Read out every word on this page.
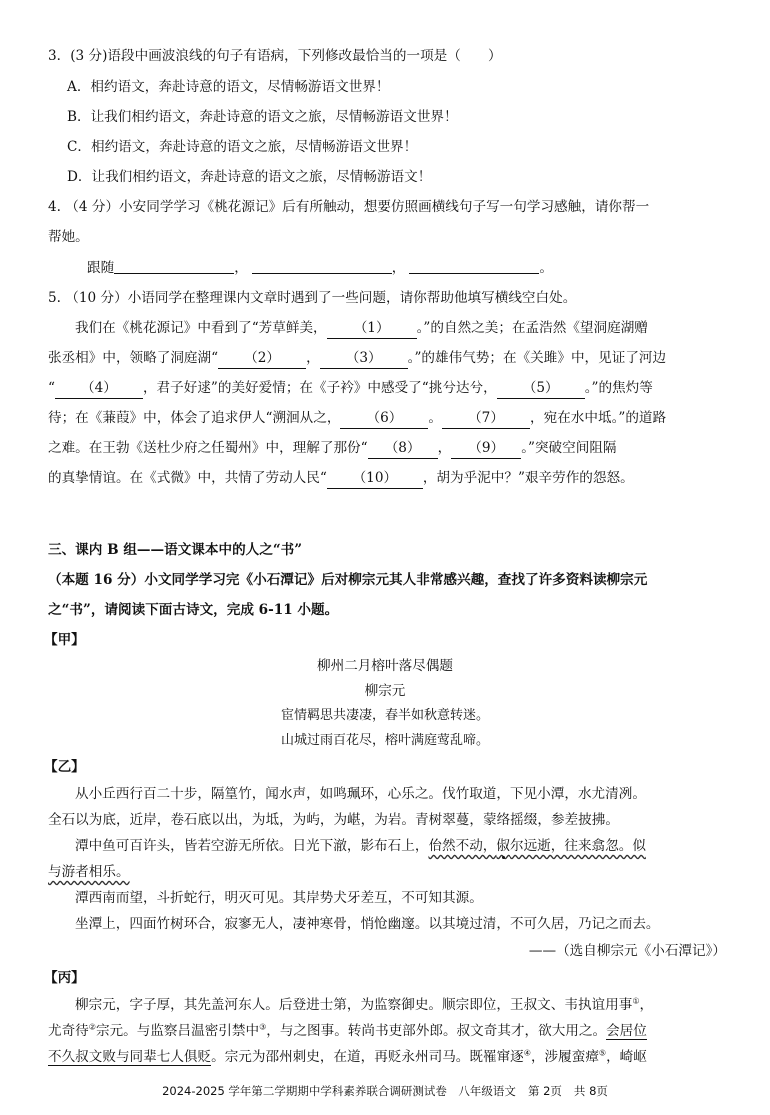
3．(3 分)语段中画波浪线的句子有语病，下列修改最恰当的一项是（　　）
A．相约语文，奔赴诗意的语文，尽情畅游语文世界！
B．让我们相约语文，奔赴诗意的语文之旅，尽情畅游语文世界！
C．相约语文，奔赴诗意的语文之旅，尽情畅游语文世界！
D．让我们相约语文，奔赴诗意的语文之旅，尽情畅游语文！
4. （4 分）小安同学学习《桃花源记》后有所触动，想要仿照画横线句子写一句学习感触，请你帮一
帮她。
跟随	，	，	。
5. （10 分）小语同学在整理课内文章时遇到了一些问题，请你帮助他填写横线空白处。
我们在《桃花源记》中看到了“芳草鲜美， （1） 。”的自然之美；在孟浩然《望洞庭湖赠
张丞相》中，领略了洞庭湖“ （2） ， （3） 。”的雄伟气势；在《关雎》中，见证了河边
“ （4） ，君子好逑”的美好爱情；在《子衿》中感受了“挑兮达兮， （5） 。”的焦灼等
待；在《蒹葭》中，体会了追求伊人“溯洄从之， （6） 。 （7） ，宛在水中坻。”的道路
之难。在王勃《送杜少府之任蜀州》中，理解了那份“ （8） ， （9） 。”突破空间阻隔
的真挚情谊。在《式微》中，共情了劳动人民“ （10） ，胡为乎泥中？”艰辛劳作的怨怒。
三、课内 B 组——语文课本中的人之“书”
（本题 16 分）小文同学学习完《小石潭记》后对柳宗元其人非常感兴趣，查找了许多资料读柳宗元
之“书”，请阅读下面古诗文，完成 6-11 小题。
【甲】
柳州二月榕叶落尽偶题
柳宗元
宦情羁思共凄凄，春半如秋意转迷。
山城过雨百花尽，榕叶满庭莺乱啼。
【乙】
从小丘西行百二十步，隔篁竹，闻水声，如鸣珮环，心乐之。伐竹取道，下见小潭，水尤清冽。
全石以为底，近岸，卷石底以出，为坻，为屿，为嵁，为岩。青树翠蔓，蒙络摇缀，参差披拂。
潭中鱼可百许头，皆若空游无所依。日光下澈，影布石上，佁然不动，俶尔远逝，往来翕忽。似
与游者相乐。
潭西南而望，斗折蛇行，明灭可见。其岸势犬牙差互，不可知其源。
坐潭上，四面竹树环合，寂寥无人，凄神寒骨，悄怆幽邃。以其境过清，不可久居，乃记之而去。
——（选自柳宗元《小石潭记》）
【丙】
柳宗元，字子厚，其先盖河东人。后登进士第，为监察御史。顺宗即位，王叔文、韦执谊用事①，
尤奇待②宗元。与监察吕温密引禁中③，与之图事。转尚书吏部外郎。叔文奇其才，欲大用之。会居位
不久叔文败与同辈七人俱贬。宗元为邵州刺史，在道，再贬永州司马。既罹窜逐④，涉履蛮瘴⑤，崎岖
2024-2025 学年第二学期期中学科素养联合调研测试卷　八年级语文 第 2页 共 8页
